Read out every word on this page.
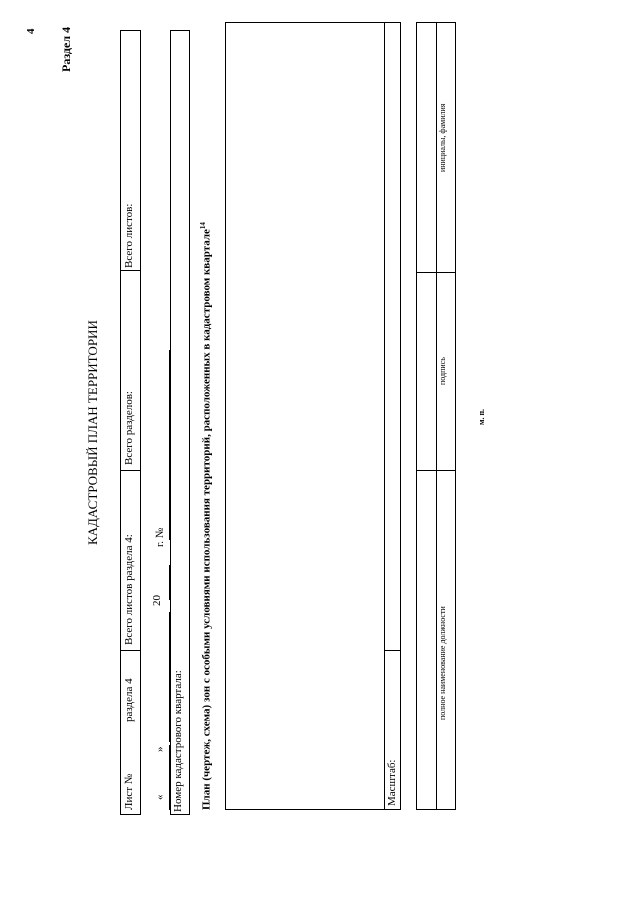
4 Раздел 4
КАДАСТРОВЫЙ ПЛАН ТЕРРИТОРИИ
Лист №
раздела 4
Всего листов раздела 4:
Всего разделов:
Всего листов:
«
»
20
г. №
Номер кадастрового квартала: План (чертеж, схема) зон с особыми условиями использования территорий, расположенных в кадастровом квартале$^{14}$
Масштаб:
полное наименование должности
подпись
инициалы, фамилия
м. п.
